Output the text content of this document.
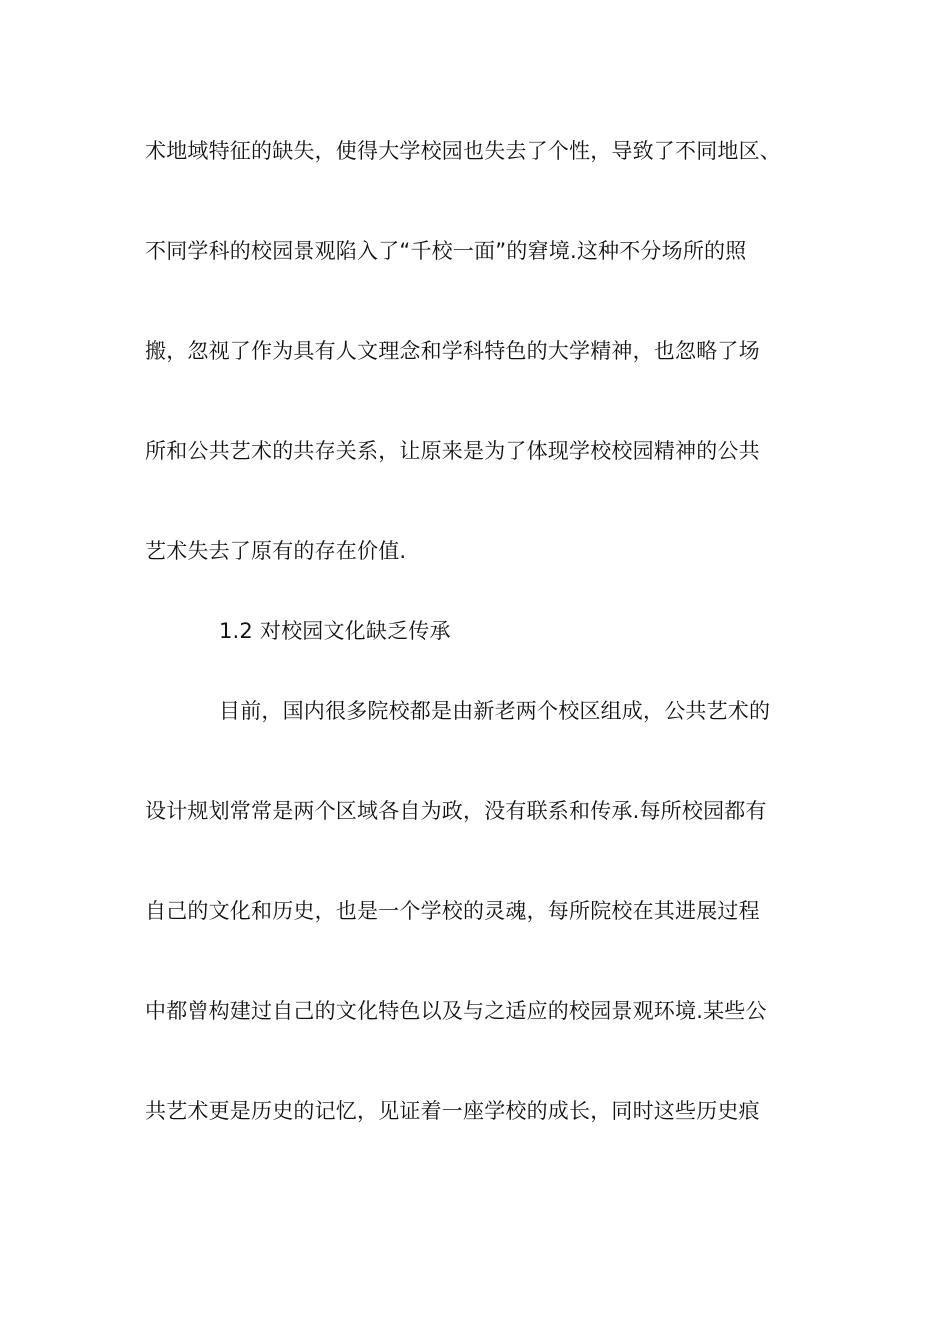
术地域特征的缺失，使得大学校园也失去了个性，导致了不同地区、
不同学科的校园景观陷入了“千校一面”的窘境.这种不分场所的照
搬，忽视了作为具有人文理念和学科特色的大学精神，也忽略了场
所和公共艺术的共存关系，让原来是为了体现学校校园精神的公共
艺术失去了原有的存在价值.
1.2 对校园文化缺乏传承
目前，国内很多院校都是由新老两个校区组成，公共艺术的
设计规划常常是两个区域各自为政，没有联系和传承.每所校园都有
自己的文化和历史，也是一个学校的灵魂，每所院校在其进展过程
中都曾构建过自己的文化特色以及与之适应的校园景观环境.某些公
共艺术更是历史的记忆，见证着一座学校的成长，同时这些历史痕
